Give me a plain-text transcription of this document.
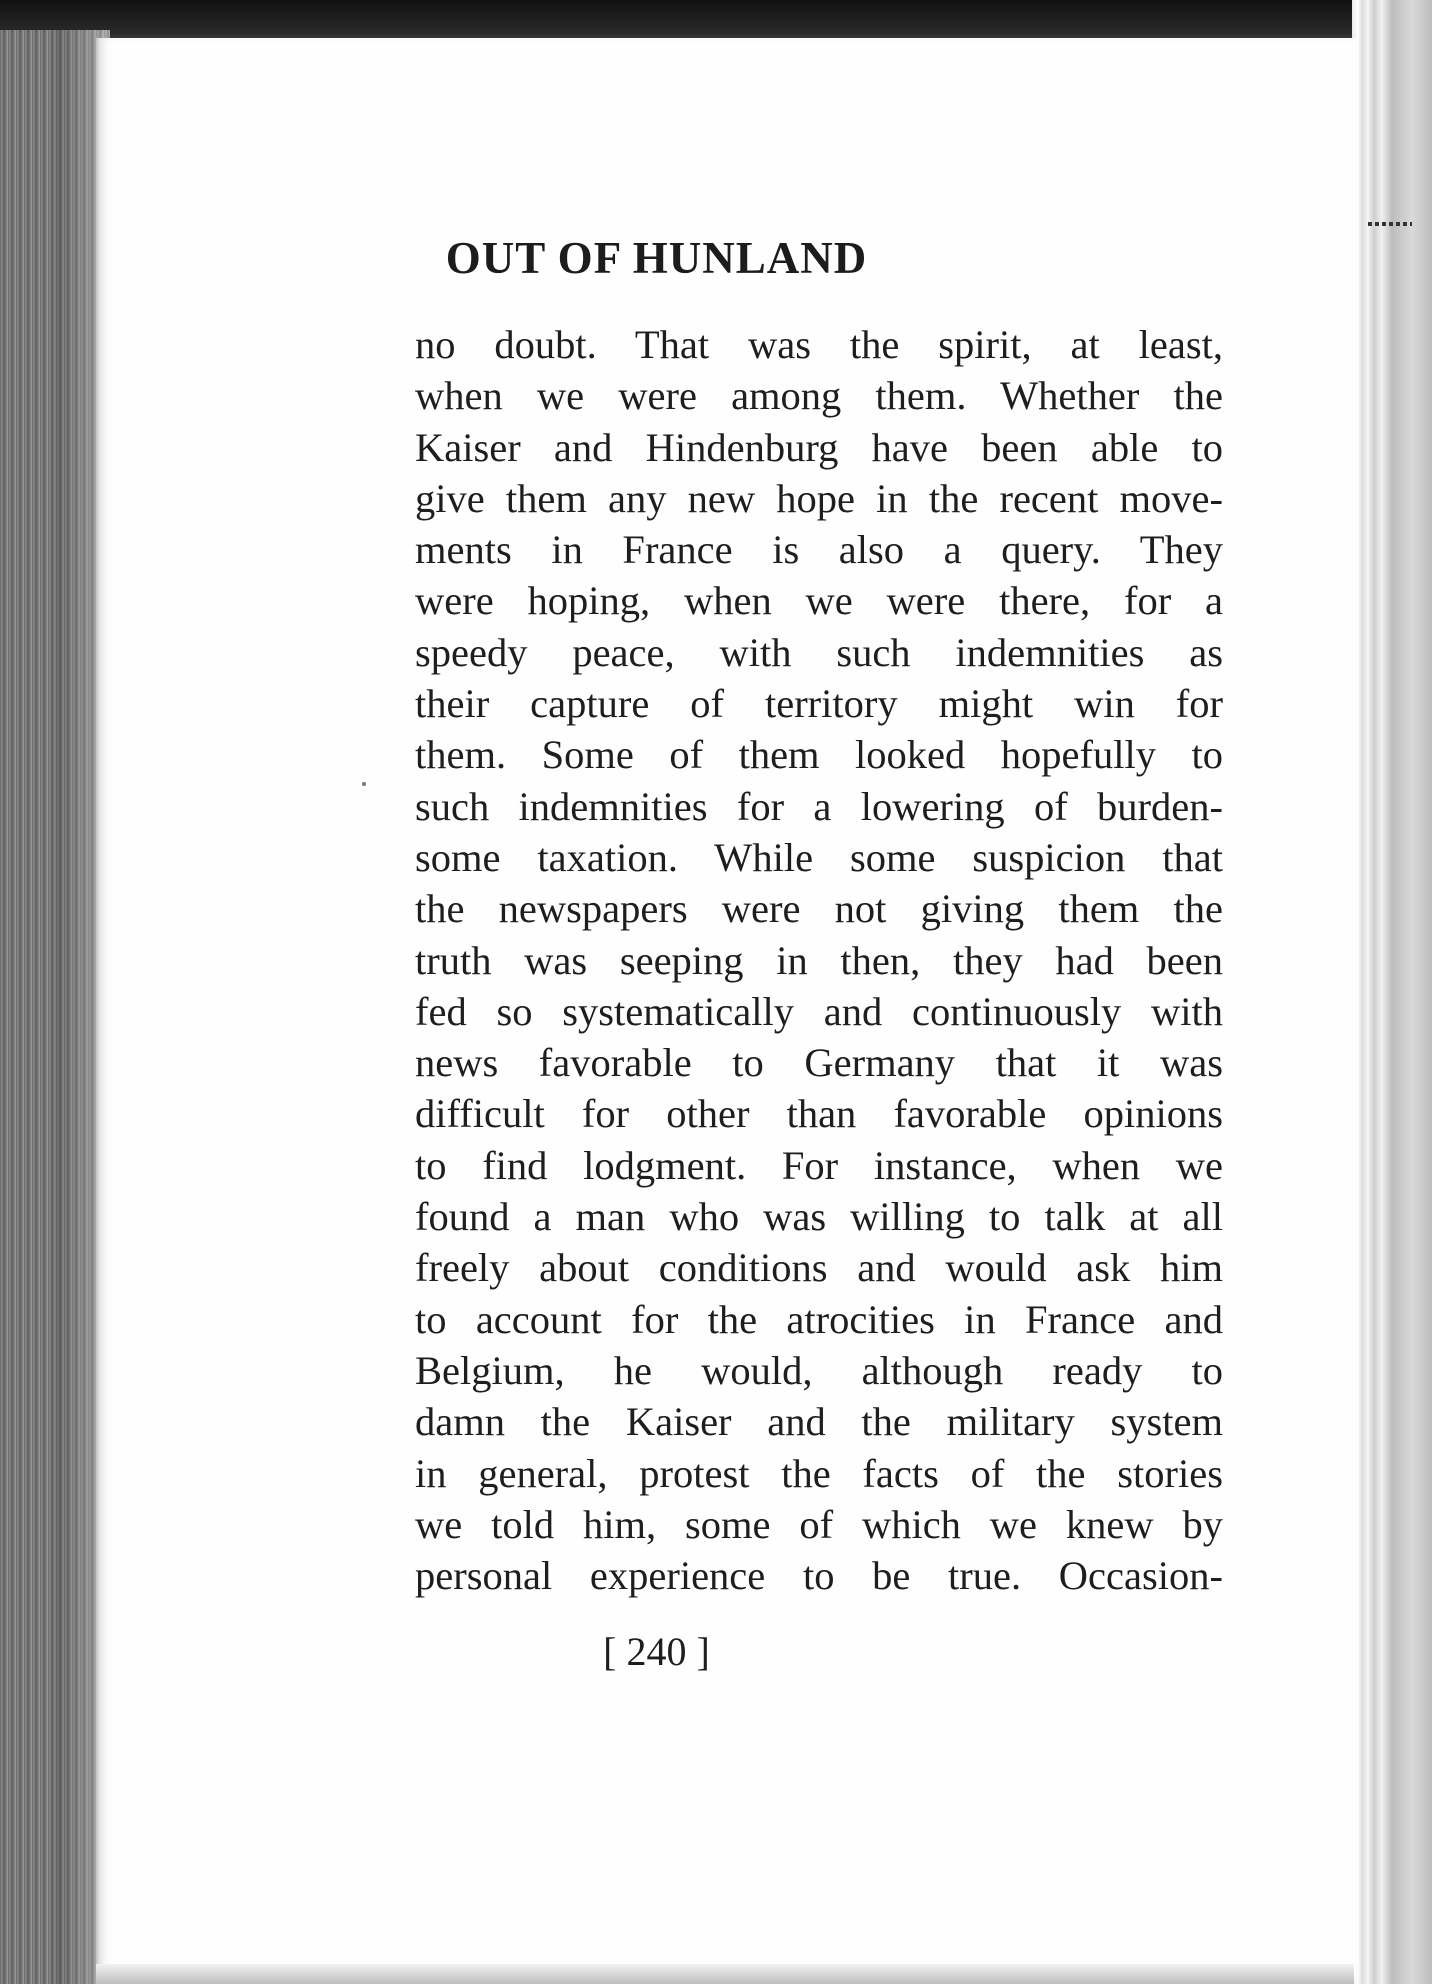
OUT OF HUNLAND
no doubt. That was the spirit, at least,
when we were among them. Whether the
Kaiser and Hindenburg have been able to
give them any new hope in the recent move-
ments in France is also a query. They
were hoping, when we were there, for a
speedy peace, with such indemnities as
their capture of territory might win for
them. Some of them looked hopefully to
such indemnities for a lowering of burden-
some taxation. While some suspicion that
the newspapers were not giving them the
truth was seeping in then, they had been
fed so systematically and continuously with
news favorable to Germany that it was
difficult for other than favorable opinions
to find lodgment. For instance, when we
found a man who was willing to talk at all
freely about conditions and would ask him
to account for the atrocities in France and
Belgium, he would, although ready to
damn the Kaiser and the military system
in general, protest the facts of the stories
we told him, some of which we knew by
personal experience to be true. Occasion-

[ 240 ]
